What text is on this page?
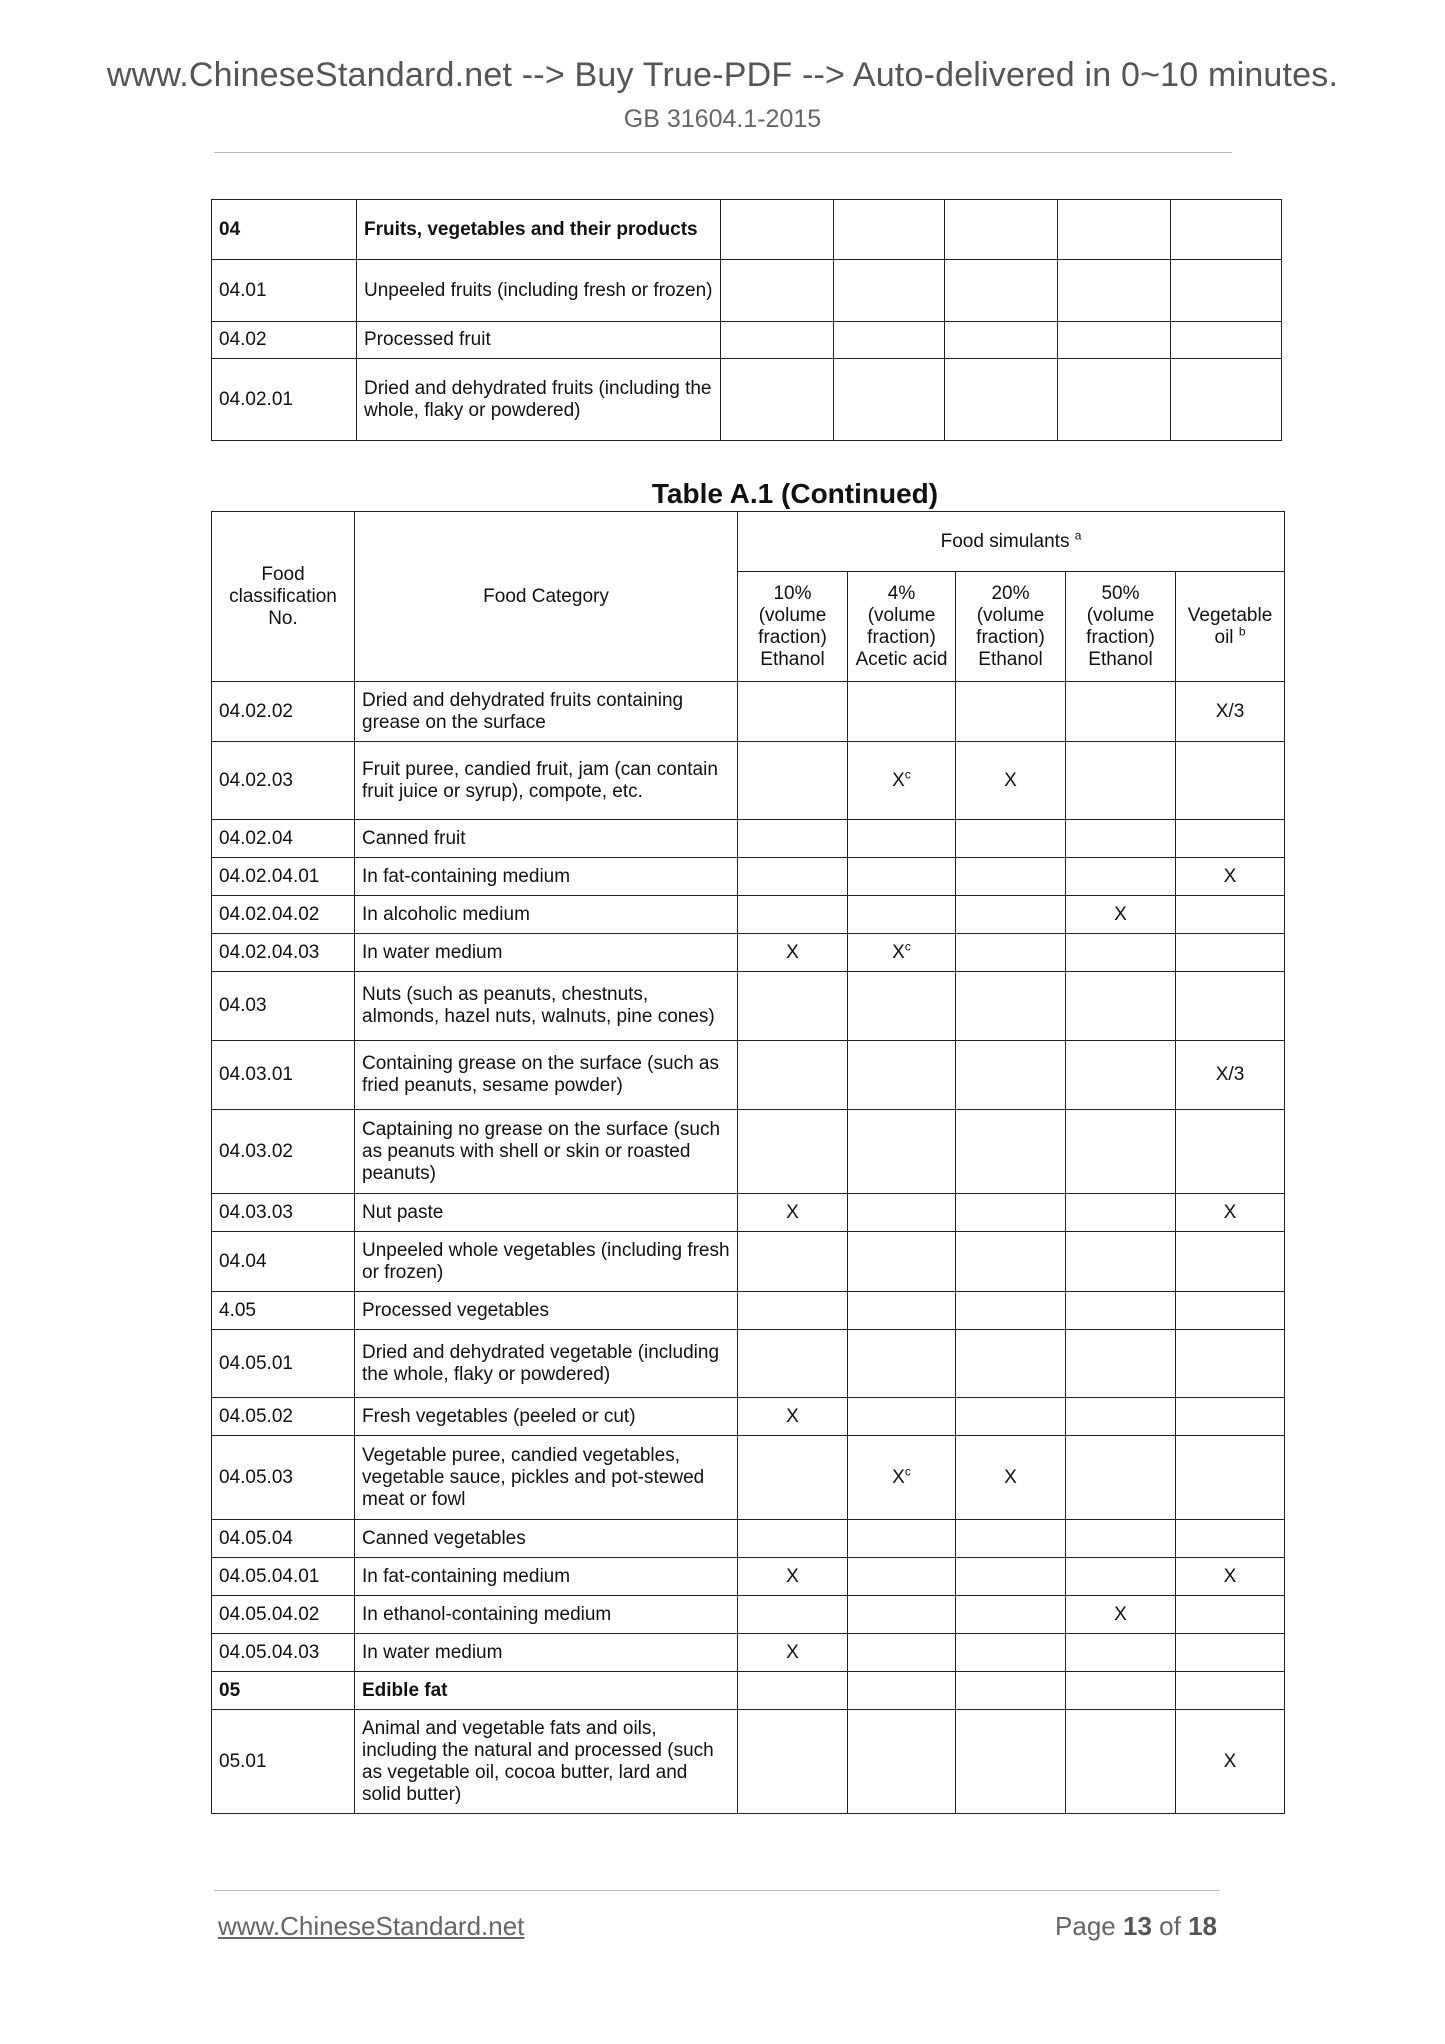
www.ChineseStandard.net --> Buy True-PDF --> Auto-delivered in 0~10 minutes.
GB 31604.1-2015
04	Fruits, vegetables and their products					
04.01	Unpeeled fruits (including fresh or frozen)					
04.02	Processed fruit					
04.02.01	Dried and dehydrated fruits (including the whole, flaky or powdered)					
Table A.1 (Continued)
Food classification No.	Food Category	Food simulants $^a$
		10% (volume fraction) Ethanol	4% (volume fraction) Acetic acid	20% (volume fraction) Ethanol	50% (volume fraction) Ethanol	Vegetable oil $^b$
04.02.02	Dried and dehydrated fruits containing grease on the surface					X/3
04.02.03	Fruit puree, candied fruit, jam (can contain fruit juice or syrup), compote, etc.		$X^c$	X		
04.02.04	Canned fruit					
04.02.04.01	In fat-containing medium					X
04.02.04.02	In alcoholic medium				X	
04.02.04.03	In water medium	X	$X^c$			
04.03	Nuts (such as peanuts, chestnuts, almonds, hazel nuts, walnuts, pine cones)					
04.03.01	Containing grease on the surface (such as fried peanuts, sesame powder)					X/3
04.03.02	Captaining no grease on the surface (such as peanuts with shell or skin or roasted peanuts)					
04.03.03	Nut paste	X				X
04.04	Unpeeled whole vegetables (including fresh or frozen)					
4.05	Processed vegetables					
04.05.01	Dried and dehydrated vegetable (including the whole, flaky or powdered)					
04.05.02	Fresh vegetables (peeled or cut)	X				
04.05.03	Vegetable puree, candied vegetables, vegetable sauce, pickles and pot-stewed meat or fowl		$X^c$	X		
04.05.04	Canned vegetables					
04.05.04.01	In fat-containing medium	X				X
04.05.04.02	In ethanol-containing medium				X	
04.05.04.03	In water medium	X				
05	Edible fat					
05.01	Animal and vegetable fats and oils, including the natural and processed (such as vegetable oil, cocoa butter, lard and solid butter)					X
www.ChineseStandard.net	Page 13 of 18
